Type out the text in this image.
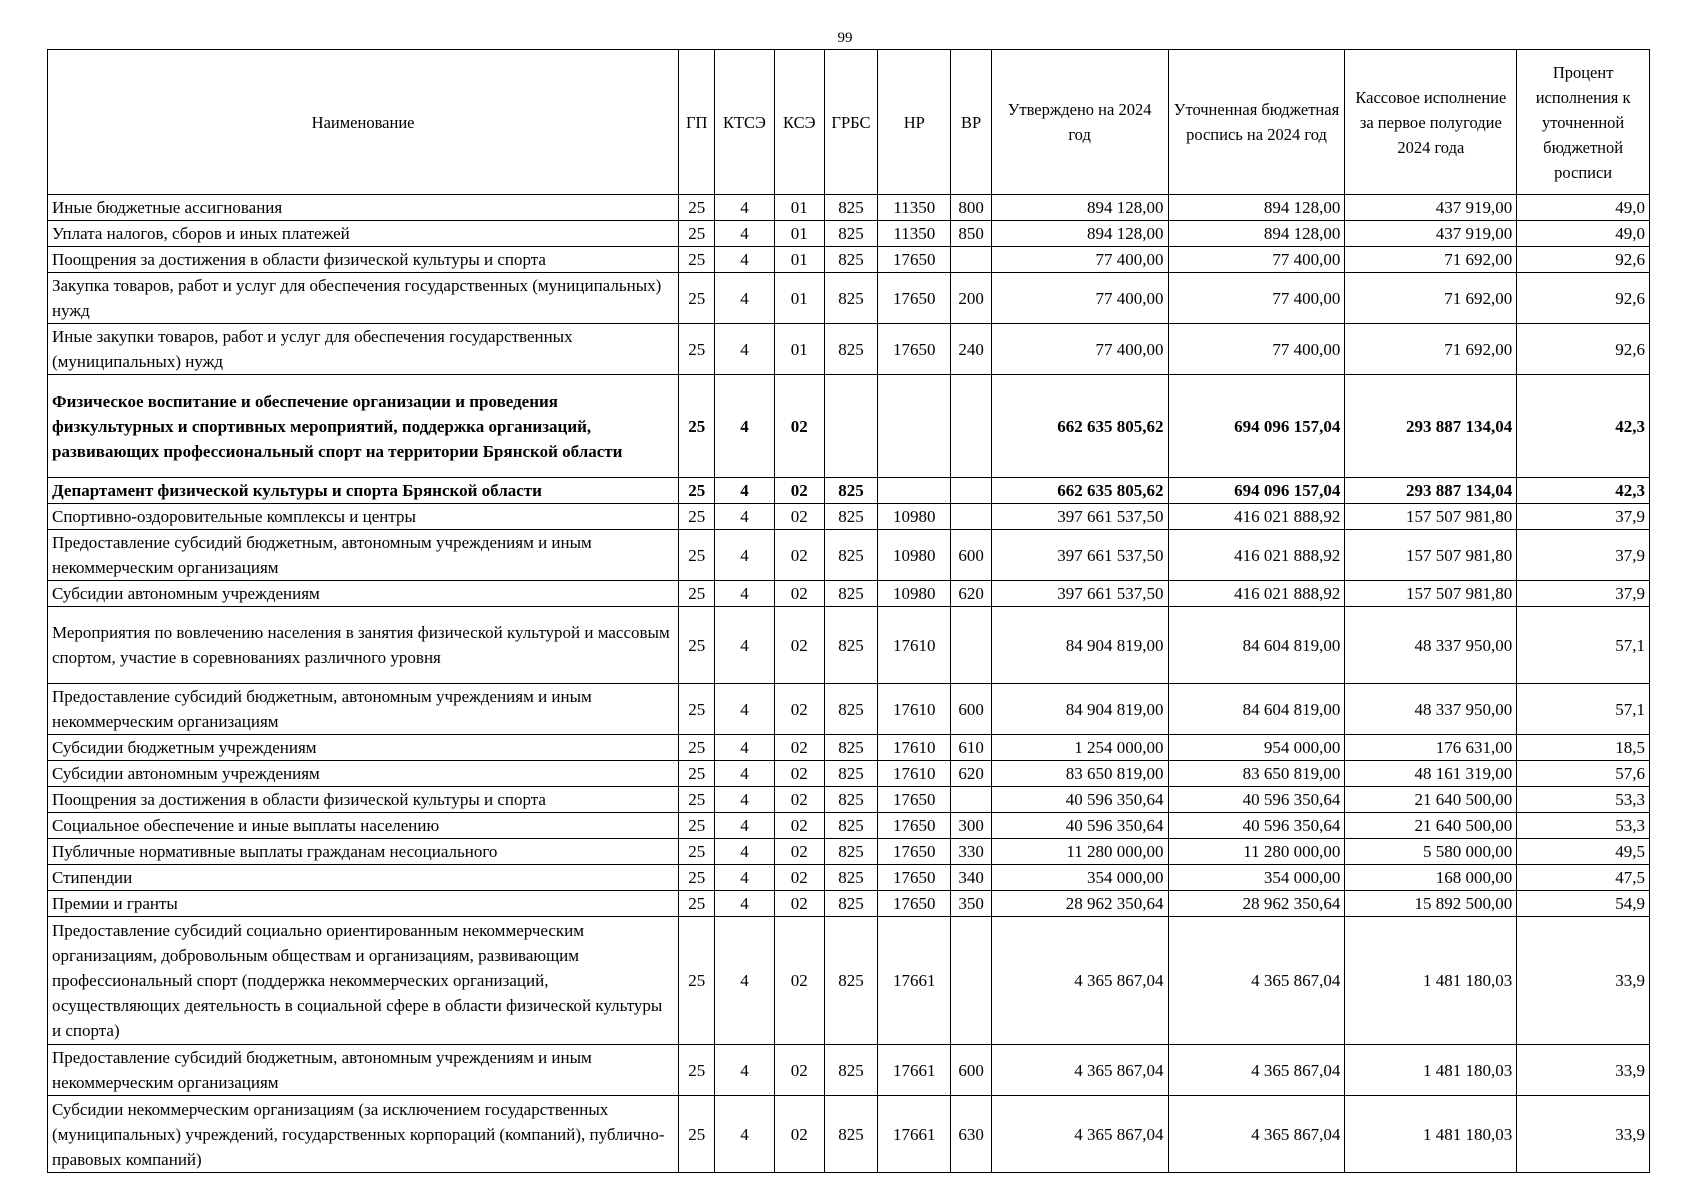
99
Наименование	ГП	КТСЭ	КСЭ	ГРБС	НР	ВР	Утверждено на 2024 год	Уточненная бюджетная роспись на 2024 год	Кассовое исполнение за первое полугодие 2024 года	Процент исполнения к уточненной бюджетной росписи
Иные бюджетные ассигнования	25	4	01	825	11350	800	894 128,00	894 128,00	437 919,00	49,0
Уплата налогов, сборов и иных платежей	25	4	01	825	11350	850	894 128,00	894 128,00	437 919,00	49,0
Поощрения за достижения в области физической культуры и спорта	25	4	01	825	17650		77 400,00	77 400,00	71 692,00	92,6
Закупка товаров, работ и услуг для обеспечения государственных (муниципальных) нужд	25	4	01	825	17650	200	77 400,00	77 400,00	71 692,00	92,6
Иные закупки товаров, работ и услуг для обеспечения государственных (муниципальных) нужд	25	4	01	825	17650	240	77 400,00	77 400,00	71 692,00	92,6
Физическое воспитание и обеспечение организации и проведения физкультурных и спортивных мероприятий, поддержка организаций, развивающих профессиональный спорт на территории Брянской области	25	4	02				662 635 805,62	694 096 157,04	293 887 134,04	42,3
Департамент физической культуры и спорта Брянской области	25	4	02	825			662 635 805,62	694 096 157,04	293 887 134,04	42,3
Спортивно-оздоровительные комплексы и центры	25	4	02	825	10980		397 661 537,50	416 021 888,92	157 507 981,80	37,9
Предоставление субсидий бюджетным, автономным учреждениям и иным некоммерческим организациям	25	4	02	825	10980	600	397 661 537,50	416 021 888,92	157 507 981,80	37,9
Субсидии автономным учреждениям	25	4	02	825	10980	620	397 661 537,50	416 021 888,92	157 507 981,80	37,9
Мероприятия по вовлечению населения в занятия физической культурой и массовым спортом, участие в соревнованиях различного уровня	25	4	02	825	17610		84 904 819,00	84 604 819,00	48 337 950,00	57,1
Предоставление субсидий бюджетным, автономным учреждениям и иным некоммерческим организациям	25	4	02	825	17610	600	84 904 819,00	84 604 819,00	48 337 950,00	57,1
Субсидии бюджетным учреждениям	25	4	02	825	17610	610	1 254 000,00	954 000,00	176 631,00	18,5
Субсидии автономным учреждениям	25	4	02	825	17610	620	83 650 819,00	83 650 819,00	48 161 319,00	57,6
Поощрения за достижения в области физической культуры и спорта	25	4	02	825	17650		40 596 350,64	40 596 350,64	21 640 500,00	53,3
Социальное обеспечение и иные выплаты населению	25	4	02	825	17650	300	40 596 350,64	40 596 350,64	21 640 500,00	53,3
Публичные нормативные выплаты гражданам несоциального	25	4	02	825	17650	330	11 280 000,00	11 280 000,00	5 580 000,00	49,5
Стипендии	25	4	02	825	17650	340	354 000,00	354 000,00	168 000,00	47,5
Премии и гранты	25	4	02	825	17650	350	28 962 350,64	28 962 350,64	15 892 500,00	54,9
Предоставление субсидий социально ориентированным некоммерческим организациям, добровольным обществам и организациям, развивающим профессиональный спорт (поддержка некоммерческих организаций, осуществляющих деятельность в социальной сфере в области физической культуры и спорта)	25	4	02	825	17661		4 365 867,04	4 365 867,04	1 481 180,03	33,9
Предоставление субсидий бюджетным, автономным учреждениям и иным некоммерческим организациям	25	4	02	825	17661	600	4 365 867,04	4 365 867,04	1 481 180,03	33,9
Субсидии некоммерческим организациям (за исключением государственных (муниципальных) учреждений, государственных корпораций (компаний), публично-правовых компаний)	25	4	02	825	17661	630	4 365 867,04	4 365 867,04	1 481 180,03	33,9
